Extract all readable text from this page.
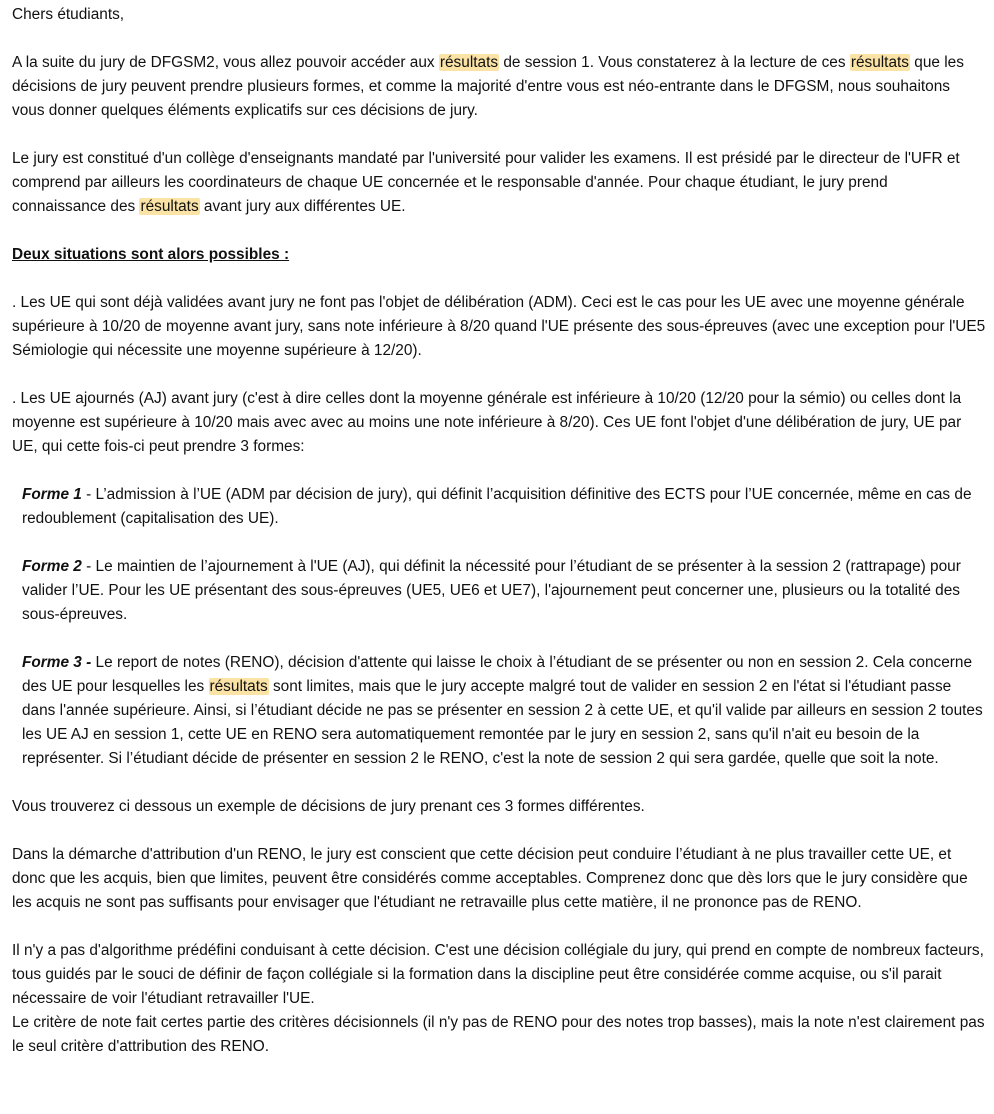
Chers étudiants,

A la suite du jury de DFGSM2, vous allez pouvoir accéder aux résultats de session 1. Vous constaterez à la lecture de ces résultats que les décisions de jury peuvent prendre plusieurs formes, et comme la majorité d'entre vous est néo-entrante dans le DFGSM, nous souhaitons vous donner quelques éléments explicatifs sur ces décisions de jury.

Le jury est constitué d'un collège d'enseignants mandaté par l'université pour valider les examens. Il est présidé par le directeur de l'UFR et comprend par ailleurs les coordinateurs de chaque UE concernée et le responsable d'année. Pour chaque étudiant, le jury prend connaissance des résultats avant jury aux différentes UE.

Deux situations sont alors possibles :

. Les UE qui sont déjà validées avant jury ne font pas l'objet de délibération (ADM). Ceci est le cas pour les UE avec une moyenne générale supérieure à 10/20 de moyenne avant jury, sans note inférieure à 8/20 quand l'UE présente des sous-épreuves (avec une exception pour l'UE5 Sémiologie qui nécessite une moyenne supérieure à 12/20).

. Les UE ajournés (AJ) avant jury (c'est à dire celles dont la moyenne générale est inférieure à 10/20 (12/20 pour la sémio) ou celles dont la moyenne est supérieure à 10/20 mais avec avec au moins une note inférieure à 8/20). Ces UE font l'objet d'une délibération de jury, UE par UE, qui cette fois-ci peut prendre 3 formes:

Forme 1 - L’admission à l’UE (ADM par décision de jury), qui définit l’acquisition définitive des ECTS pour l’UE concernée, même en cas de redoublement (capitalisation des UE).

Forme 2 - Le maintien de l’ajournement à l'UE (AJ), qui définit la nécessité pour l’étudiant de se présenter à la session 2 (rattrapage) pour valider l’UE. Pour les UE présentant des sous-épreuves (UE5, UE6 et UE7), l'ajournement peut concerner une, plusieurs ou la totalité des sous-épreuves.

Forme 3 - Le report de notes (RENO), décision d'attente qui laisse le choix à l’étudiant de se présenter ou non en session 2. Cela concerne des UE pour lesquelles les résultats sont limites, mais que le jury accepte malgré tout de valider en session 2 en l'état si l'étudiant passe dans l'année supérieure. Ainsi, si l’étudiant décide ne pas se présenter en session 2 à cette UE, et qu'il valide par ailleurs en session 2 toutes les UE AJ en session 1, cette UE en RENO sera automatiquement remontée par le jury en session 2, sans qu'il n'ait eu besoin de la représenter. Si l’étudiant décide de présenter en session 2 le RENO, c'est la note de session 2 qui sera gardée, quelle que soit la note.

Vous trouverez ci dessous un exemple de décisions de jury prenant ces 3 formes différentes.

Dans la démarche d'attribution d'un RENO, le jury est conscient que cette décision peut conduire l’étudiant à ne plus travailler cette UE, et donc que les acquis, bien que limites, peuvent être considérés comme acceptables. Comprenez donc que dès lors que le jury considère que les acquis ne sont pas suffisants pour envisager que l'étudiant ne retravaille plus cette matière, il ne prononce pas de RENO.

Il n'y a pas d'algorithme prédéfini conduisant à cette décision. C'est une décision collégiale du jury, qui prend en compte de nombreux facteurs, tous guidés par le souci de définir de façon collégiale si la formation dans la discipline peut être considérée comme acquise, ou s'il parait nécessaire de voir l'étudiant retravailler l'UE.

Le critère de note fait certes partie des critères décisionnels (il n'y pas de RENO pour des notes trop basses), mais la note n'est clairement pas le seul critère d'attribution des RENO.
